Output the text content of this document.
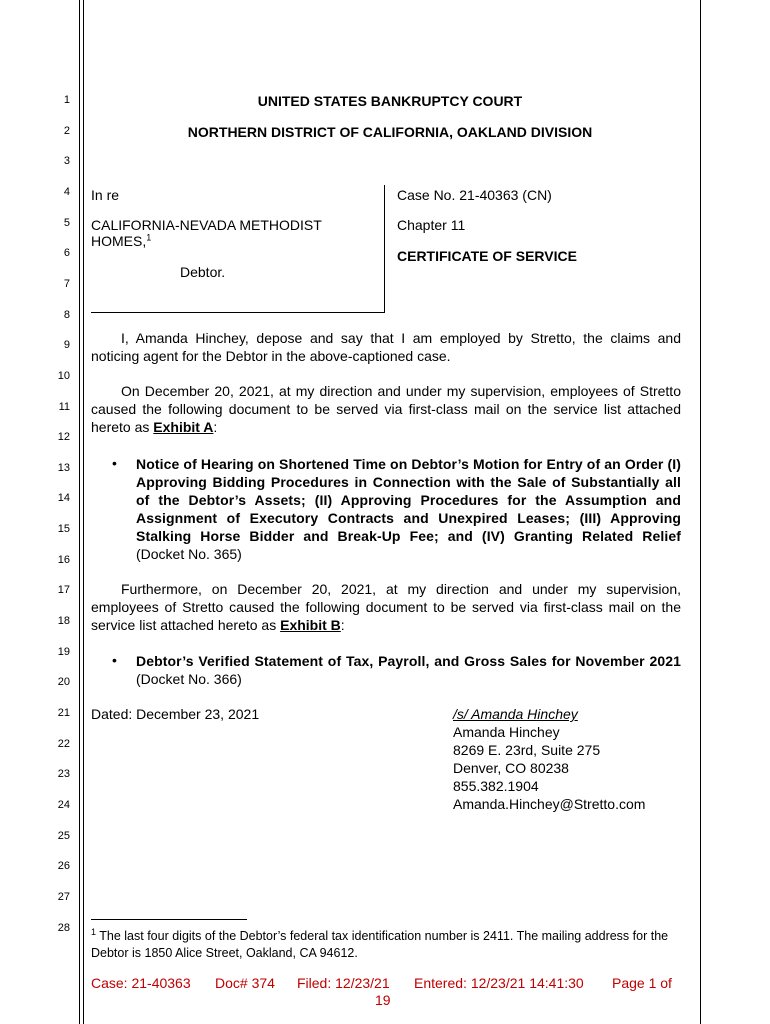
1
2
3
4
5
6
7
8
9
10
11
12
13
14
15
16
17
18
19
20
21
22
23
24
25
26
27
28
UNITED STATES BANKRUPTCY COURT
NORTHERN DISTRICT OF CALIFORNIA, OAKLAND DIVISION
In re
CALIFORNIA-NEVADA METHODIST
HOMES,$^1$
Debtor.
Case No. 21-40363 (CN)
Chapter 11
CERTIFICATE OF SERVICE
I, Amanda Hinchey, depose and say that I am employed by Stretto, the claims and noticing agent for the Debtor in the above-captioned case.
On December 20, 2021, at my direction and under my supervision, employees of Stretto caused the following document to be served via first-class mail on the service list attached hereto as Exhibit A:
• Notice of Hearing on Shortened Time on Debtor’s Motion for Entry of an Order (I) Approving Bidding Procedures in Connection with the Sale of Substantially all of the Debtor’s Assets; (II) Approving Procedures for the Assumption and Assignment of Executory Contracts and Unexpired Leases; (III) Approving Stalking Horse Bidder and Break-Up Fee; and (IV) Granting Related Relief (Docket No. 365)
Furthermore, on December 20, 2021, at my direction and under my supervision, employees of Stretto caused the following document to be served via first-class mail on the service list attached hereto as Exhibit B:
• Debtor’s Verified Statement of Tax, Payroll, and Gross Sales for November 2021 (Docket No. 366)
Dated: December 23, 2021	/s/ Amanda Hinchey
Amanda Hinchey
8269 E. 23rd, Suite 275
Denver, CO 80238
855.382.1904
Amanda.Hinchey@Stretto.com
$^1$ The last four digits of the Debtor’s federal tax identification number is 2411. The mailing address for the Debtor is 1850 Alice Street, Oakland, CA 94612.
Case: 21-40363 Doc# 374 Filed: 12/23/21 Entered: 12/23/21 14:41:30 Page 1 of
19
